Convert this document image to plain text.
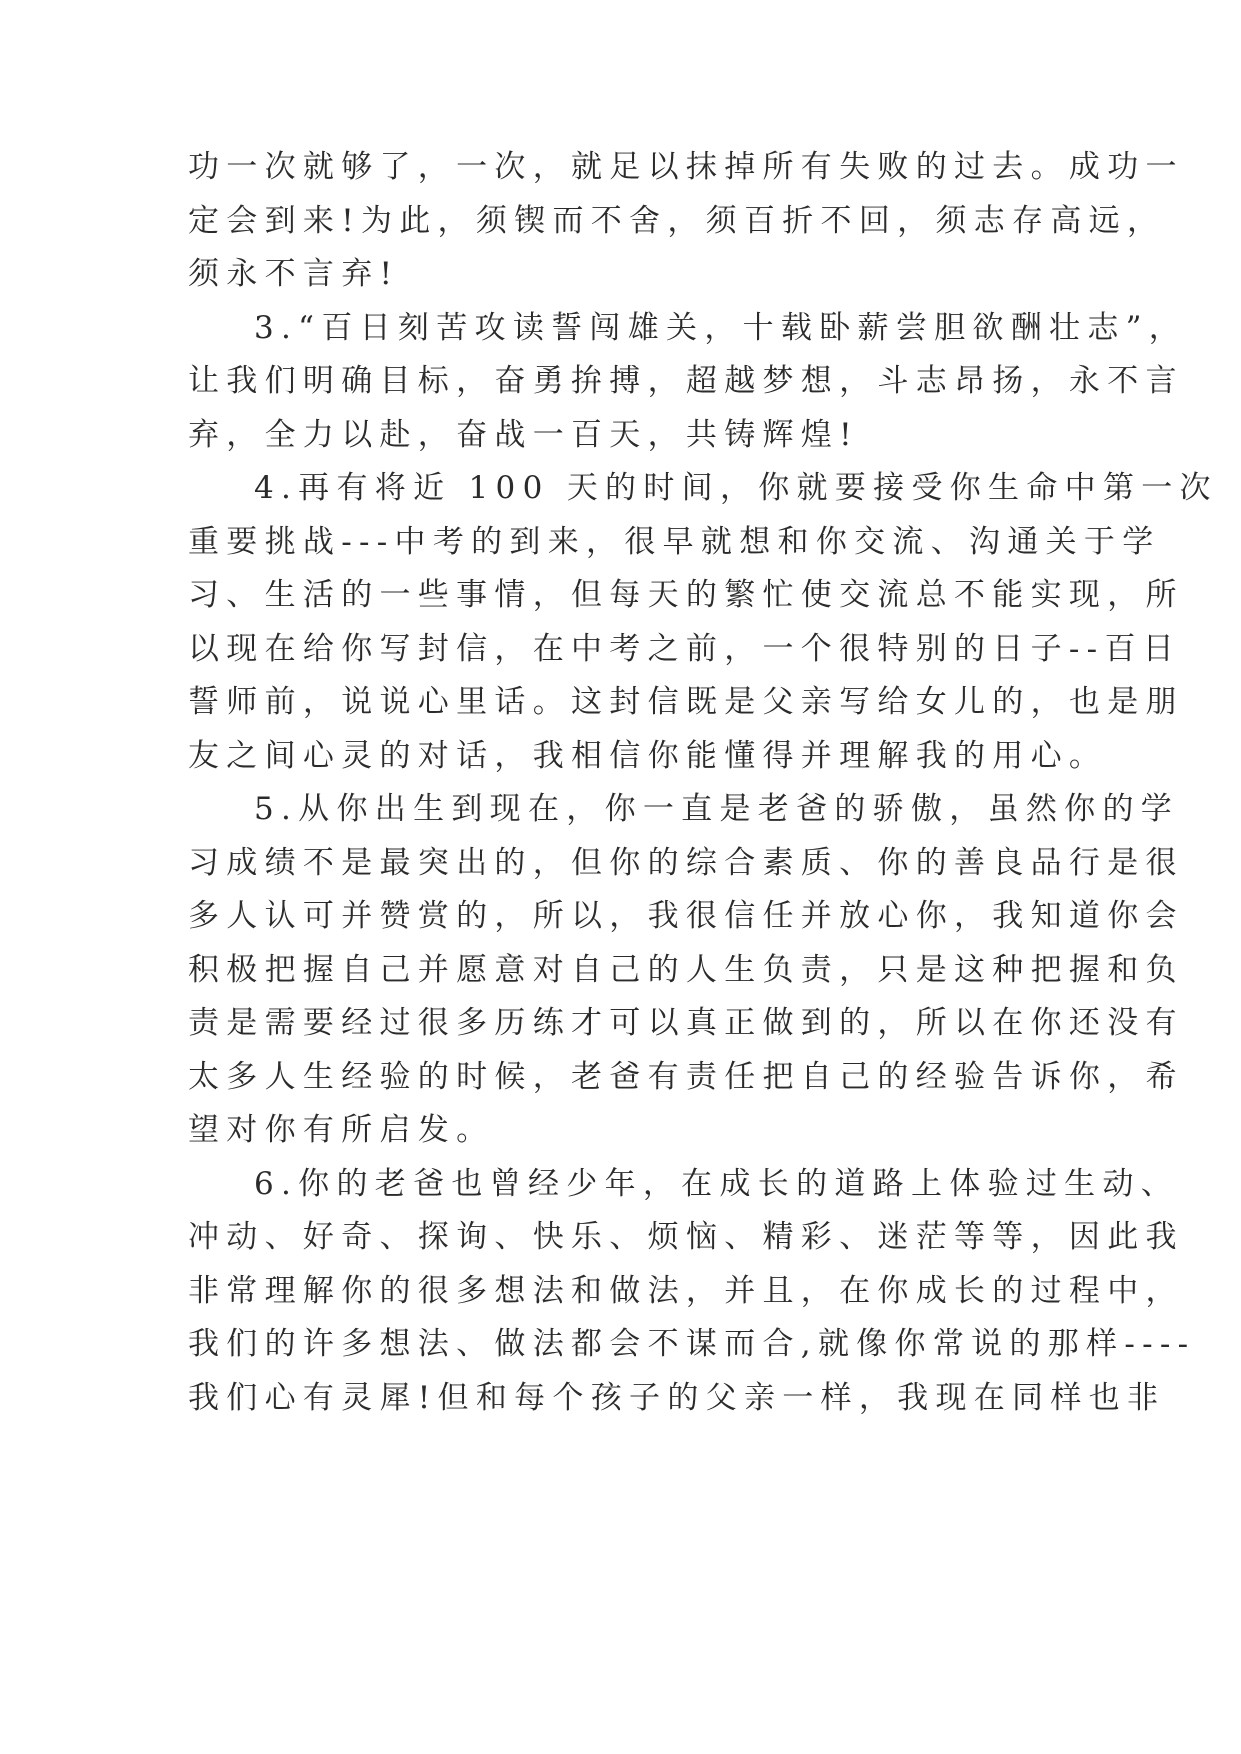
功一次就够了，一次，就足以抹掉所有失败的过去。成功一

定会到来!为此，须锲而不舍，须百折不回，须志存高远，

须永不言弃!

3.“百日刻苦攻读誓闯雄关，十载卧薪尝胆欲酬壮志”，

让我们明确目标，奋勇拚搏，超越梦想，斗志昂扬，永不言

弃，全力以赴，奋战一百天，共铸辉煌!

4.再有将近 100 天的时间，你就要接受你生命中第一次

重要挑战---中考的到来，很早就想和你交流、沟通关于学

习、生活的一些事情，但每天的繁忙使交流总不能实现，所

以现在给你写封信，在中考之前，一个很特别的日子--百日

誓师前，说说心里话。这封信既是父亲写给女儿的，也是朋

友之间心灵的对话，我相信你能懂得并理解我的用心。

5.从你出生到现在，你一直是老爸的骄傲，虽然你的学

习成绩不是最突出的，但你的综合素质、你的善良品行是很

多人认可并赞赏的，所以，我很信任并放心你，我知道你会

积极把握自己并愿意对自己的人生负责，只是这种把握和负

责是需要经过很多历练才可以真正做到的，所以在你还没有

太多人生经验的时候，老爸有责任把自己的经验告诉你，希

望对你有所启发。

6.你的老爸也曾经少年，在成长的道路上体验过生动、

冲动、好奇、探询、快乐、烦恼、精彩、迷茫等等，因此我

非常理解你的很多想法和做法，并且，在你成长的过程中，

我们的许多想法、做法都会不谋而合,就像你常说的那样----

我们心有灵犀!但和每个孩子的父亲一样，我现在同样也非
